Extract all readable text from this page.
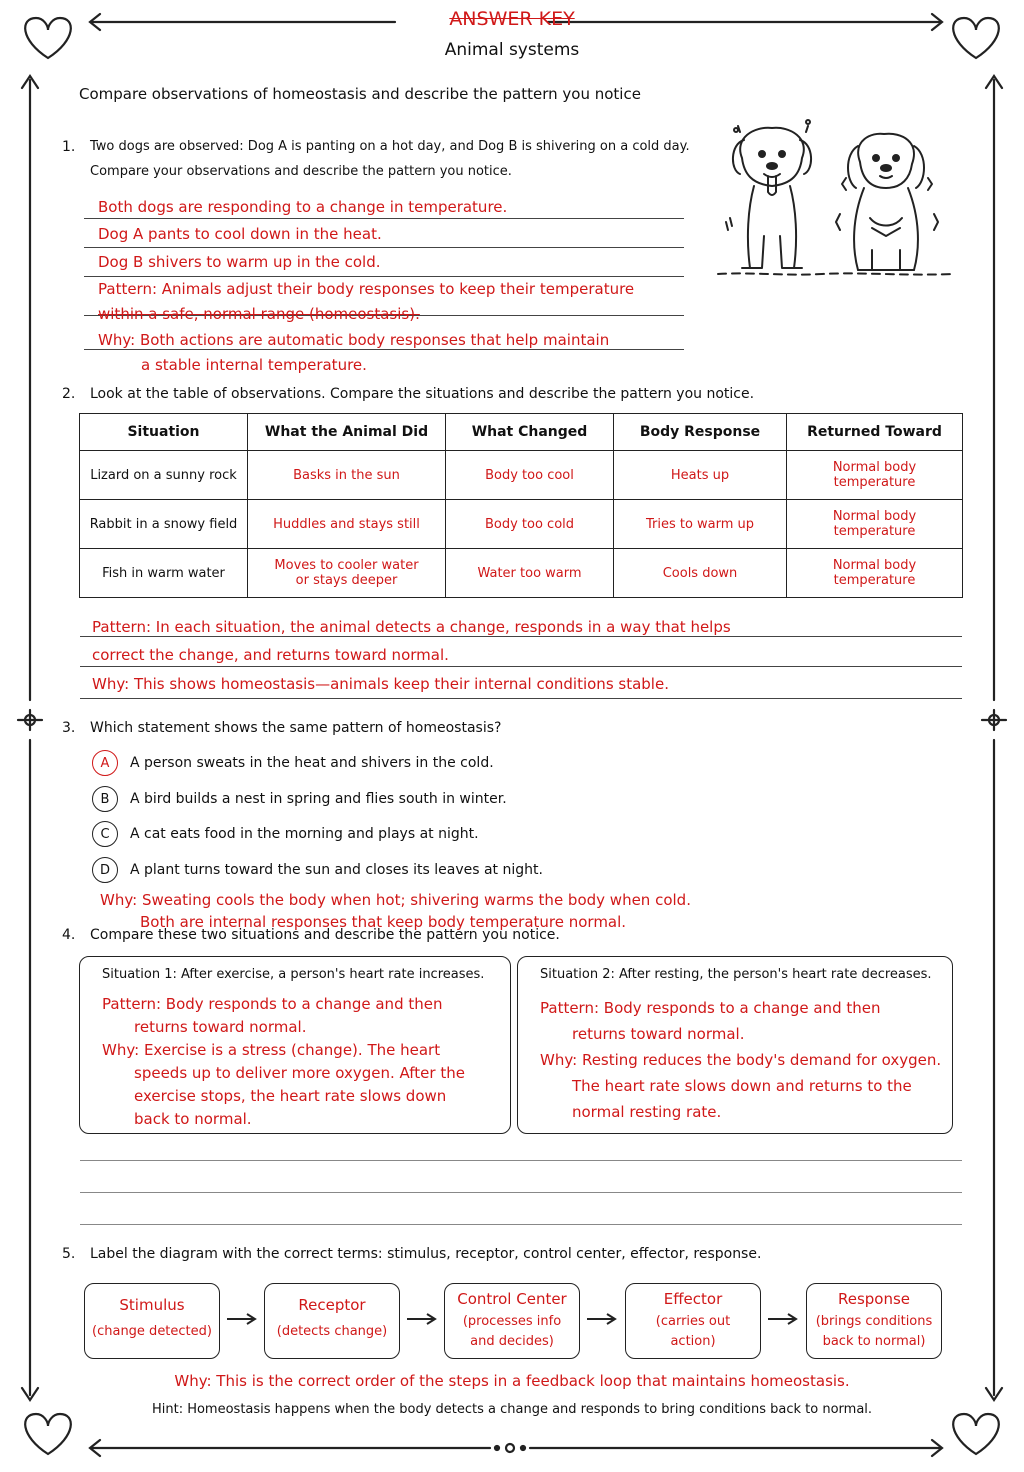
ANSWER KEY
Animal systems
Compare observations of homeostasis and describe the pattern you notice
1. Two dogs are observed: Dog A is panting on a hot day, and Dog B is shivering on a cold day.
Compare your observations and describe the pattern you notice.
Both dogs are responding to a change in temperature.
Dog A pants to cool down in the heat.
Dog B shivers to warm up in the cold.
Pattern: Animals adjust their body responses to keep their temperature
within a safe, normal range (homeostasis).
Why: Both actions are automatic body responses that help maintain
a stable internal temperature.
2. Look at the table of observations. Compare the situations and describe the pattern you notice.
Situation	What the Animal Did	What Changed	Body Response	Returned Toward
Lizard on a sunny rock	Basks in the sun	Body too cool	Heats up	Normal body temperature
Rabbit in a snowy field	Huddles and stays still	Body too cold	Tries to warm up	Normal body temperature
Fish in warm water	Moves to cooler water or stays deeper	Water too warm	Cools down	Normal body temperature
Pattern: In each situation, the animal detects a change, responds in a way that helps
correct the change, and returns toward normal.
Why: This shows homeostasis—animals keep their internal conditions stable.
3. Which statement shows the same pattern of homeostasis?
A	A person sweats in the heat and shivers in the cold.
B	A bird builds a nest in spring and flies south in winter.
C	A cat eats food in the morning and plays at night.
D	A plant turns toward the sun and closes its leaves at night.
Why: Sweating cools the body when hot; shivering warms the body when cold.
Both are internal responses that keep body temperature normal.
4. Compare these two situations and describe the pattern you notice.
Situation 1: After exercise, a person's heart rate increases.
Pattern: Body responds to a change and then
returns toward normal.
Why: Exercise is a stress (change). The heart
speeds up to deliver more oxygen. After the
exercise stops, the heart rate slows down
back to normal.
Situation 2: After resting, the person's heart rate decreases.
Pattern: Body responds to a change and then
returns toward normal.
Why: Resting reduces the body's demand for oxygen.
The heart rate slows down and returns to the
normal resting rate.
5. Label the diagram with the correct terms: stimulus, receptor, control center, effector, response.
Stimulus
(change detected)
Receptor
(detects change)
Control Center
(processes info and decides)
Effector
(carries out action)
Response
(brings conditions back to normal)
Why: This is the correct order of the steps in a feedback loop that maintains homeostasis.
Hint: Homeostasis happens when the body detects a change and responds to bring conditions back to normal.
